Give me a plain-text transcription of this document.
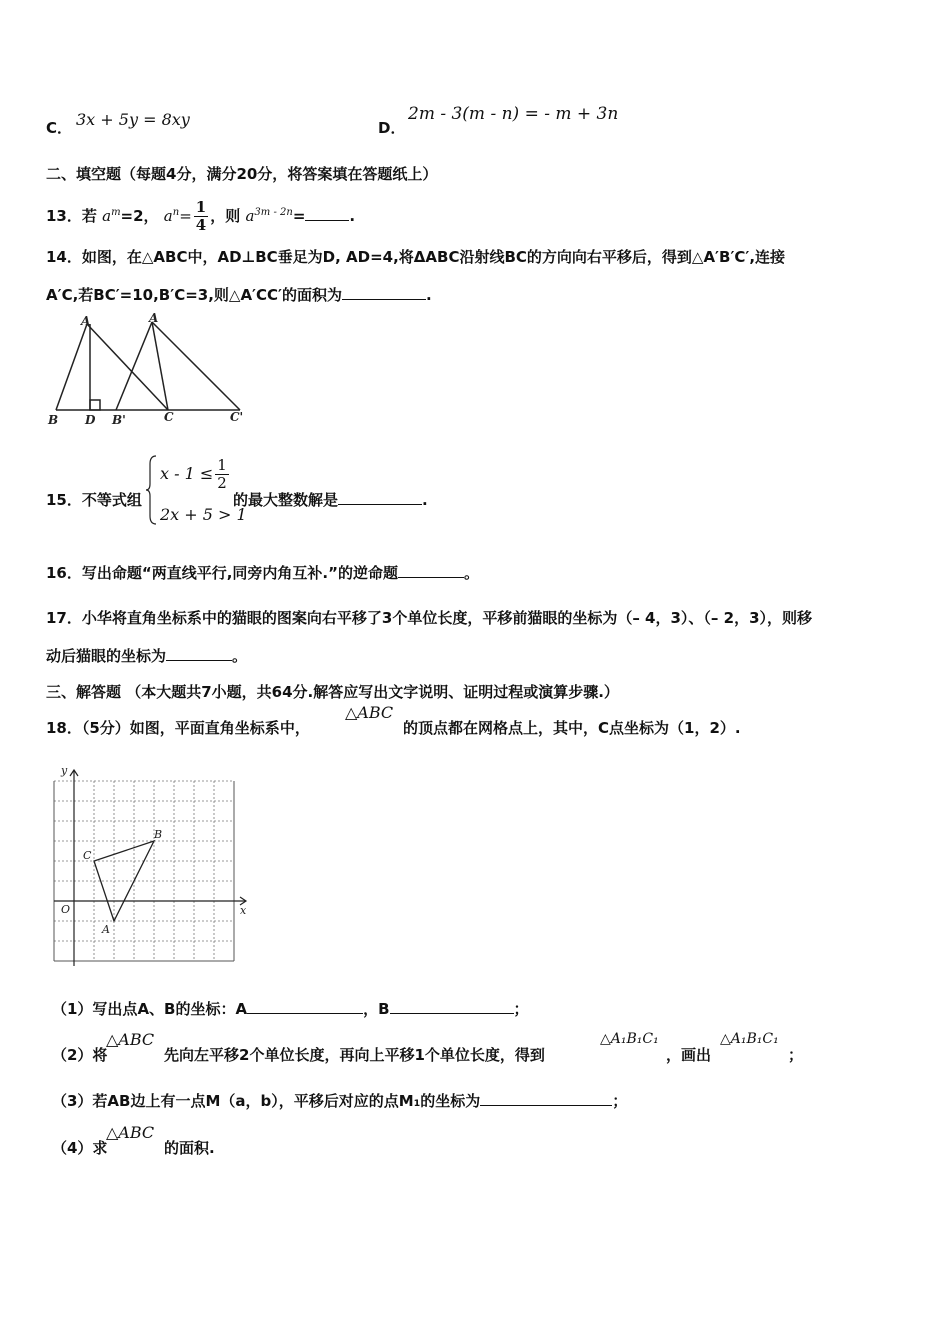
C． 3x + 5y = 8xy	D．
2m - 3(m - n) = - m + 3n
二、填空题（每题4分，满分20分，将答案填在答题纸上）
13．若 $a^m=2$， $a^n= \frac{1}{4}$ ，则 $a^{3m - 2n}=$	.
14．如图，在△ABC中，AD⊥BC垂足为D, AD=4,将ΔABC沿射线BC的方向向右平移后，得到△A′B′C′,连接
A′C,若BC′=10,B′C=3,则△A′CC′的面积为	.
A	A
B D B'	C	C'
15．不等式组
$x - 1 \le \frac{1}{2}$
2x + 5 > 1
的最大整数解是	.
16．写出命题“两直线平行,同旁内角互补.”的逆命题	。
17．小华将直角坐标系中的猫眼的图案向右平移了3个单位长度，平移前猫眼的坐标为（– 4，3）、（– 2，3），则移
动后猫眼的坐标为	。
三、解答题 （本大题共7小题，共64分.解答应写出文字说明、证明过程或演算步骤.）
18．（5分）如图，平面直角坐标系中，
△ABC
的顶点都在网格点上，其中，C点坐标为（1，2）.
y
x
O
A
B
C
（1）写出点A、B的坐标：A	，B	；
（2）将
△ABC
先向左平移2个单位长度，再向上平移1个单位长度，得到
△A₁B₁C₁
，画出
△A₁B₁C₁
；
（3）若AB边上有一点M（a，b），平移后对应的点M₁的坐标为	；
（4）求
△ABC
的面积.
